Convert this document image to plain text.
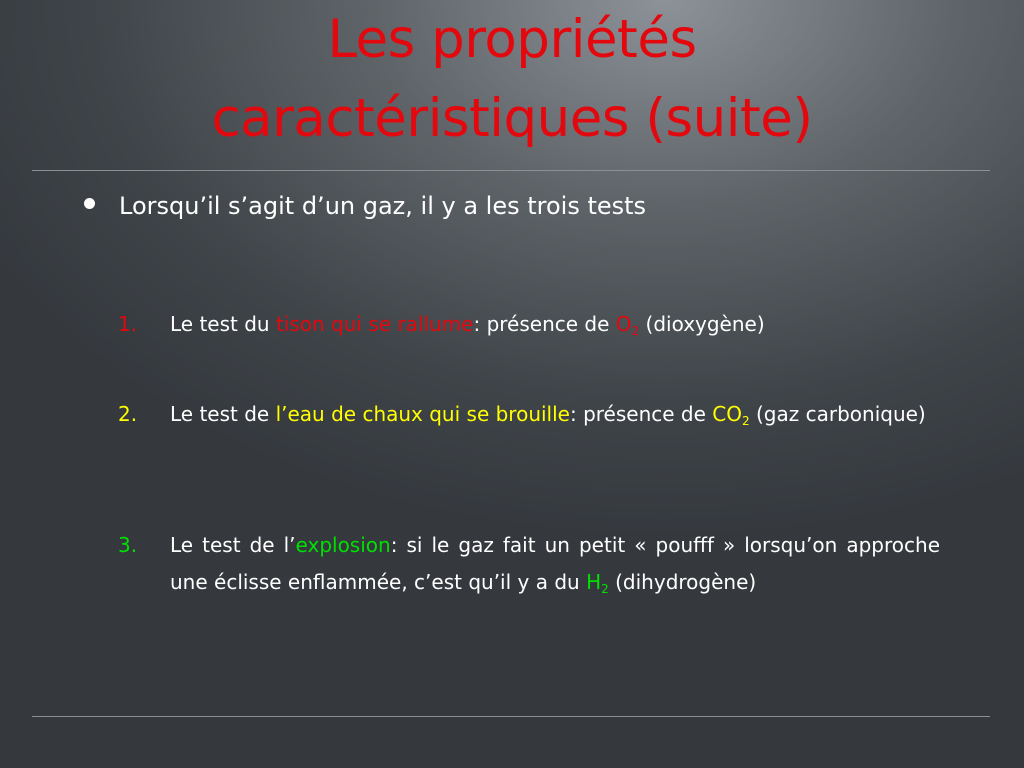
Les propriétés
caractéristiques (suite)
Lorsqu’il s’agit d’un gaz, il y a les trois tests
1. Le test du tison qui se rallume: présence de $O_2$ (dioxygène)
2. Le test de l’eau de chaux qui se brouille: présence de $CO_2$ (gaz carbonique)
3. Le test de l’explosion: si le gaz fait un petit « poufff » lorsqu’on approche une éclisse enflammée, c’est qu’il y a du $H_2$ (dihydrogène)
